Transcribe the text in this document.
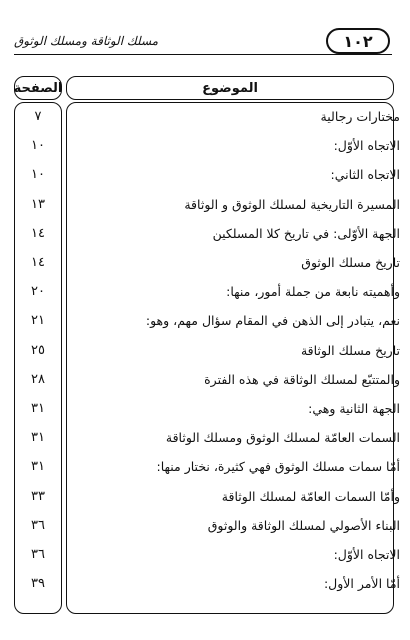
١٠٢
مسلك الوثاقة ومسلك الوثوق
الموضوع
الصفحة
مختارات رجالية
٧
الاتجاه الأوّل:
١٠
الاتجاه الثاني:
١٠
المسيرة التاريخية لمسلك الوثوق و الوثاقة
١٣
الجهة الأوّلى: في تاريخ كلا المسلكين
١٤
تاريخ مسلك الوثوق
١٤
وأهميته نابعة من جملة أمور، منها:
٢٠
نعم، يتبادر إلى الذهن في المقام سؤال مهم، وهو:
٢١
تاريخ مسلك الوثاقة
٢٥
والمتتبّع لمسلك الوثاقة في هذه الفترة
٢٨
الجهة الثانية وهي:
٣١
السمات العامّة لمسلك الوثوق ومسلك الوثاقة
٣١
أمّا سمات مسلك الوثوق فهي كثيرة، نختار منها:
٣١
وأمّا السمات العامّة لمسلك الوثاقة
٣٣
البناء الأصولي لمسلك الوثاقة والوثوق
٣٦
الاتجاه الأوّل:
٣٦
أمّا الأمر الأول:
٣٩
